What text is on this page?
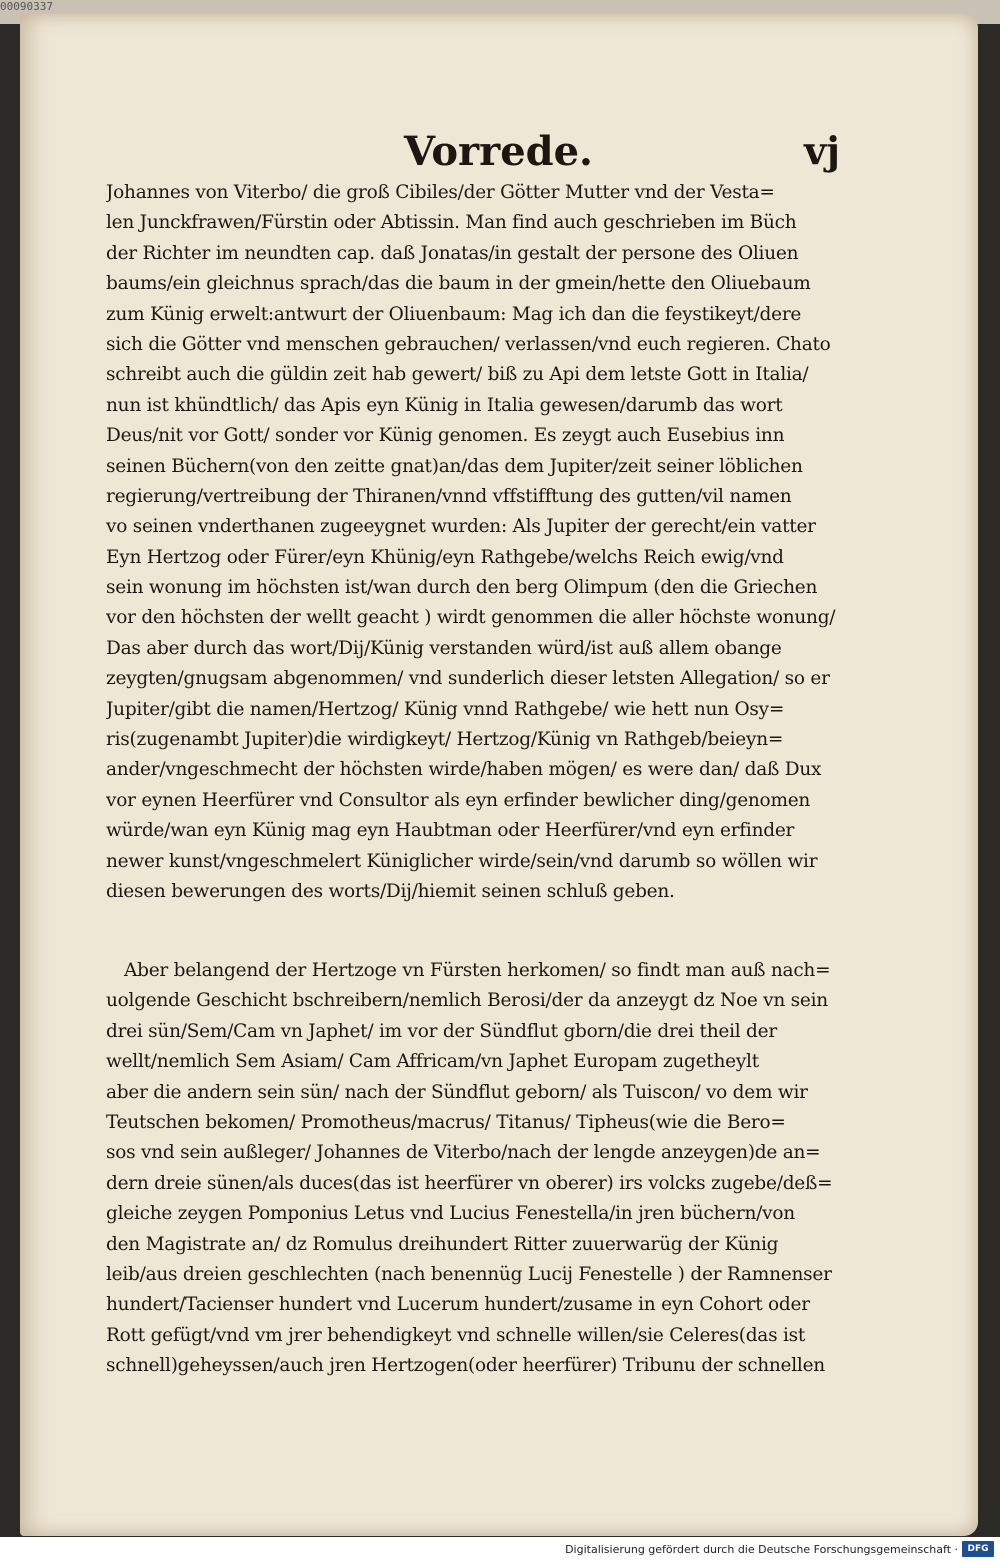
00090337
Vorrede.	vj
Johannes von Viterbo/ die groß Cibiles/der Götter Mutter vnd der Vesta=
len Junckfrawen/Fürstin oder Abtissin. Man find auch geschrieben im Büch
der Richter im neundten cap. daß Jonatas/in gestalt der persone des Oliuen
baums/ein gleichnus sprach/das die baum in der gmein/hette den Oliuebaum
zum Künig erwelt:antwurt der Oliuenbaum: Mag ich dan die feystikeyt/dere
sich die Götter vnd menschen gebrauchen/ verlassen/vnd euch regieren. Chato
schreibt auch die güldin zeit hab gewert/ biß zu Api dem letste Gott in Italia/
nun ist khündtlich/ das Apis eyn Künig in Italia gewesen/darumb das wort
Deus/nit vor Gott/ sonder vor Künig genomen. Es zeygt auch Eusebius inn
seinen Büchern(von den zeitte gnat)an/das dem Jupiter/zeit seiner löblichen
regierung/vertreibung der Thiranen/vnnd vffstifftung des gutten/vil namen
vo seinen vnderthanen zugeeygnet wurden: Als Jupiter der gerecht/ein vatter
Eyn Hertzog oder Fürer/eyn Khünig/eyn Rathgebe/welchs Reich ewig/vnd
sein wonung im höchsten ist/wan durch den berg Olimpum (den die Griechen
vor den höchsten der wellt geacht ) wirdt genommen die aller höchste wonung/
Das aber durch das wort/Dij/Künig verstanden würd/ist auß allem obange
zeygten/gnugsam abgenommen/ vnd sunderlich dieser letsten Allegation/ so er
Jupiter/gibt die namen/Hertzog/ Künig vnnd Rathgebe/ wie hett nun Osy=
ris(zugenambt Jupiter)die wirdigkeyt/ Hertzog/Künig vn Rathgeb/beieyn=
ander/vngeschmecht der höchsten wirde/haben mögen/ es were dan/ daß Dux
vor eynen Heerfürer vnd Consultor als eyn erfinder bewlicher ding/genomen
würde/wan eyn Künig mag eyn Haubtman oder Heerfürer/vnd eyn erfinder
newer kunst/vngeschmelert Küniglicher wirde/sein/vnd darumb so wöllen wir
diesen bewerungen des worts/Dij/hiemit seinen schluß geben.
Aber belangend der Hertzoge vn Fürsten herkomen/ so findt man auß nach=
uolgende Geschicht bschreibern/nemlich Berosi/der da anzeygt dz Noe vn sein
drei sün/Sem/Cam vn Japhet/ im vor der Sündflut gborn/die drei theil der
wellt/nemlich Sem Asiam/ Cam Affricam/vn Japhet Europam zugetheylt
aber die andern sein sün/ nach der Sündflut geborn/ als Tuiscon/ vo dem wir
Teutschen bekomen/ Promotheus/macrus/ Titanus/ Tipheus(wie die Bero=
sos vnd sein außleger/ Johannes de Viterbo/nach der lengde anzeygen)de an=
dern dreie sünen/als duces(das ist heerfürer vn oberer) irs volcks zugebe/deß=
gleiche zeygen Pomponius Letus vnd Lucius Fenestella/in jren büchern/von
den Magistrate an/ dz Romulus dreihundert Ritter zuuerwarüg der Künig
leib/aus dreien geschlechten (nach benennüg Lucij Fenestelle ) der Ramnenser
hundert/Tacienser hundert vnd Lucerum hundert/zusame in eyn Cohort oder
Rott gefügt/vnd vm jrer behendigkeyt vnd schnelle willen/sie Celeres(das ist
schnell)geheyssen/auch jren Hertzogen(oder heerfürer) Tribunu der schnellen
Digitalisierung gefördert durch die Deutsche Forschungsgemeinschaft ·	DFG
